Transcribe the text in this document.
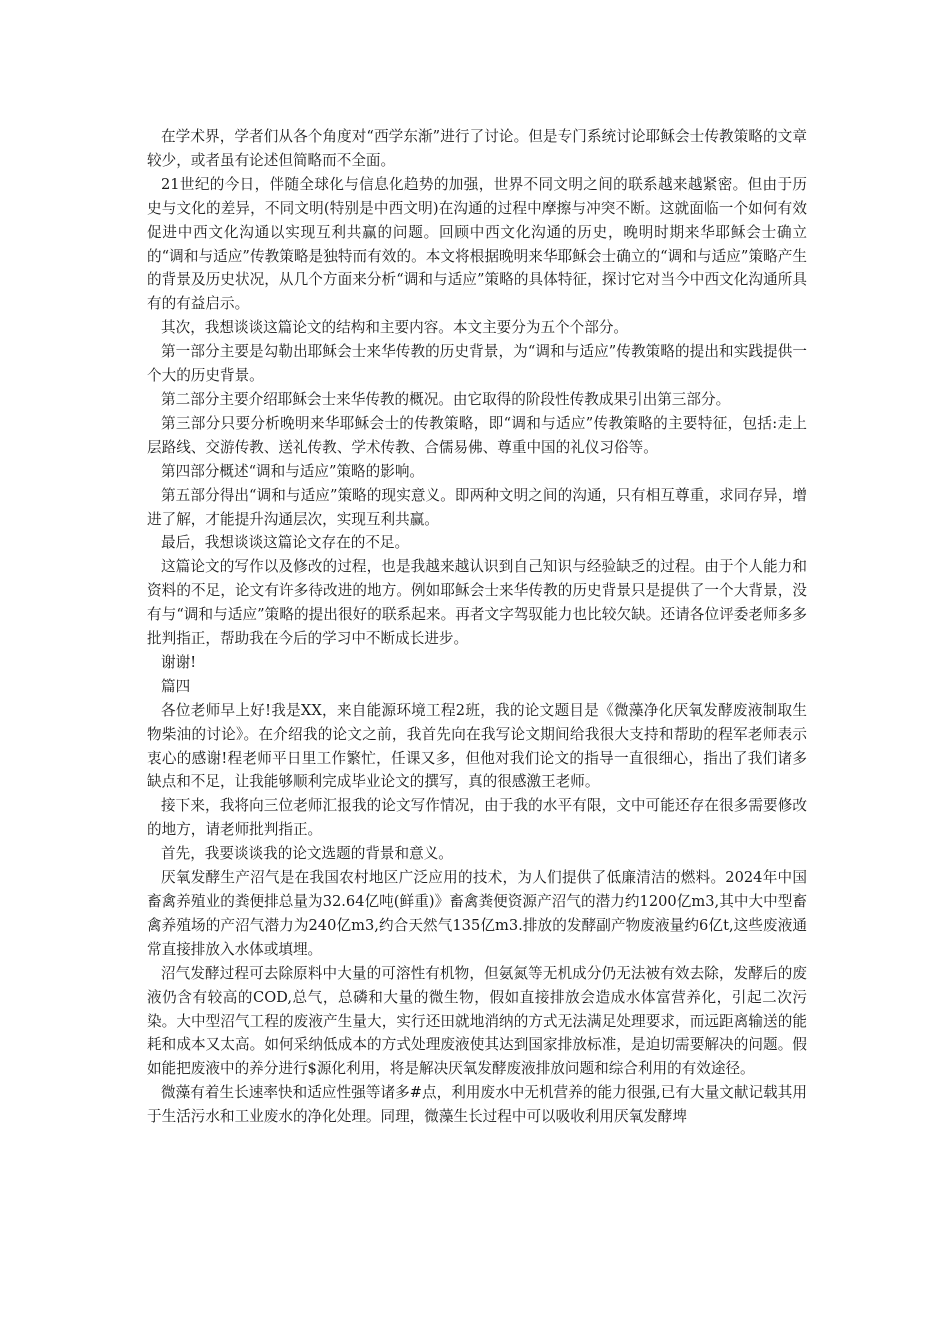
在学术界，学者们从各个角度对“西学东渐”进行了讨论。但是专门系统讨论耶稣会士传教策略的文章较少，或者虽有论述但简略而不全面。

21世纪的今日，伴随全球化与信息化趋势的加强，世界不同文明之间的联系越来越紧密。但由于历史与文化的差异，不同文明(特别是中西文明)在沟通的过程中摩擦与冲突不断。这就面临一个如何有效促进中西文化沟通以实现互利共赢的问题。回顾中西文化沟通的历史，晚明时期来华耶稣会士确立的“调和与适应”传教策略是独特而有效的。本文将根据晚明来华耶稣会士确立的“调和与适应”策略产生的背景及历史状况，从几个方面来分析“调和与适应”策略的具体特征，探讨它对当今中西文化沟通所具有的有益启示。

其次，我想谈谈这篇论文的结构和主要内容。本文主要分为五个个部分。

第一部分主要是勾勒出耶稣会士来华传教的历史背景，为“调和与适应”传教策略的提出和实践提供一个大的历史背景。

第二部分主要介绍耶稣会士来华传教的概况。由它取得的阶段性传教成果引出第三部分。

第三部分只要分析晚明来华耶稣会士的传教策略，即“调和与适应”传教策略的主要特征，包括:走上层路线、交游传教、送礼传教、学术传教、合儒易佛、尊重中国的礼仪习俗等。

第四部分概述“调和与适应”策略的影响。

第五部分得出“调和与适应”策略的现实意义。即两种文明之间的沟通，只有相互尊重，求同存异，增进了解，才能提升沟通层次，实现互利共赢。

最后，我想谈谈这篇论文存在的不足。

这篇论文的写作以及修改的过程，也是我越来越认识到自己知识与经验缺乏的过程。由于个人能力和资料的不足，论文有许多待改进的地方。例如耶稣会士来华传教的历史背景只是提供了一个大背景，没有与“调和与适应”策略的提出很好的联系起来。再者文字驾驭能力也比较欠缺。还请各位评委老师多多批判指正，帮助我在今后的学习中不断成长进步。

谢谢!

篇四

各位老师早上好!我是XX，来自能源环境工程2班，我的论文题目是《微藻净化厌氧发酵废液制取生物柴油的讨论》。在介绍我的论文之前，我首先向在我写论文期间给我很大支持和帮助的程军老师表示衷心的感谢!程老师平日里工作繁忙，任课又多，但他对我们论文的指导一直很细心，指出了我们诸多缺点和不足，让我能够顺利完成毕业论文的撰写，真的很感激王老师。

接下来，我将向三位老师汇报我的论文写作情况，由于我的水平有限，文中可能还存在很多需要修改的地方，请老师批判指正。

首先，我要谈谈我的论文选题的背景和意义。

厌氧发酵生产沼气是在我国农村地区广泛应用的技术，为人们提供了低廉清洁的燃料。2024年中国畜禽养殖业的粪便排总量为32.64亿吨(鲜重)》畜禽粪便资源产沼气的潜力约1200亿m3,其中大中型畜禽养殖场的产沼气潜力为240亿m3,约合天然气135亿m3.排放的发酵副产物废液量约6亿t,这些废液通常直接排放入水体或填埋。

沼气发酵过程可去除原料中大量的可溶性有机物，但氨氮等无机成分仍无法被有效去除，发酵后的废液仍含有较高的COD,总气，总磷和大量的微生物，假如直接排放会造成水体富营养化，引起二次污染。大中型沼气工程的废液产生量大，实行还田就地消纳的方式无法满足处理要求，而远距离输送的能耗和成本又太高。如何采纳低成本的方式处理废液使其达到国家排放标准，是迫切需要解决的问题。假如能把废液中的养分进行$源化利用，将是解决厌氧发酵废液排放问题和综合利用的有效途径。

微藻有着生长速率快和适应性强等诸多#点，利用废水中无机营养的能力很强,已有大量文献记载其用于生活污水和工业废水的净化处理。同理，微藻生长过程中可以吸收利用厌氧发酵埤
